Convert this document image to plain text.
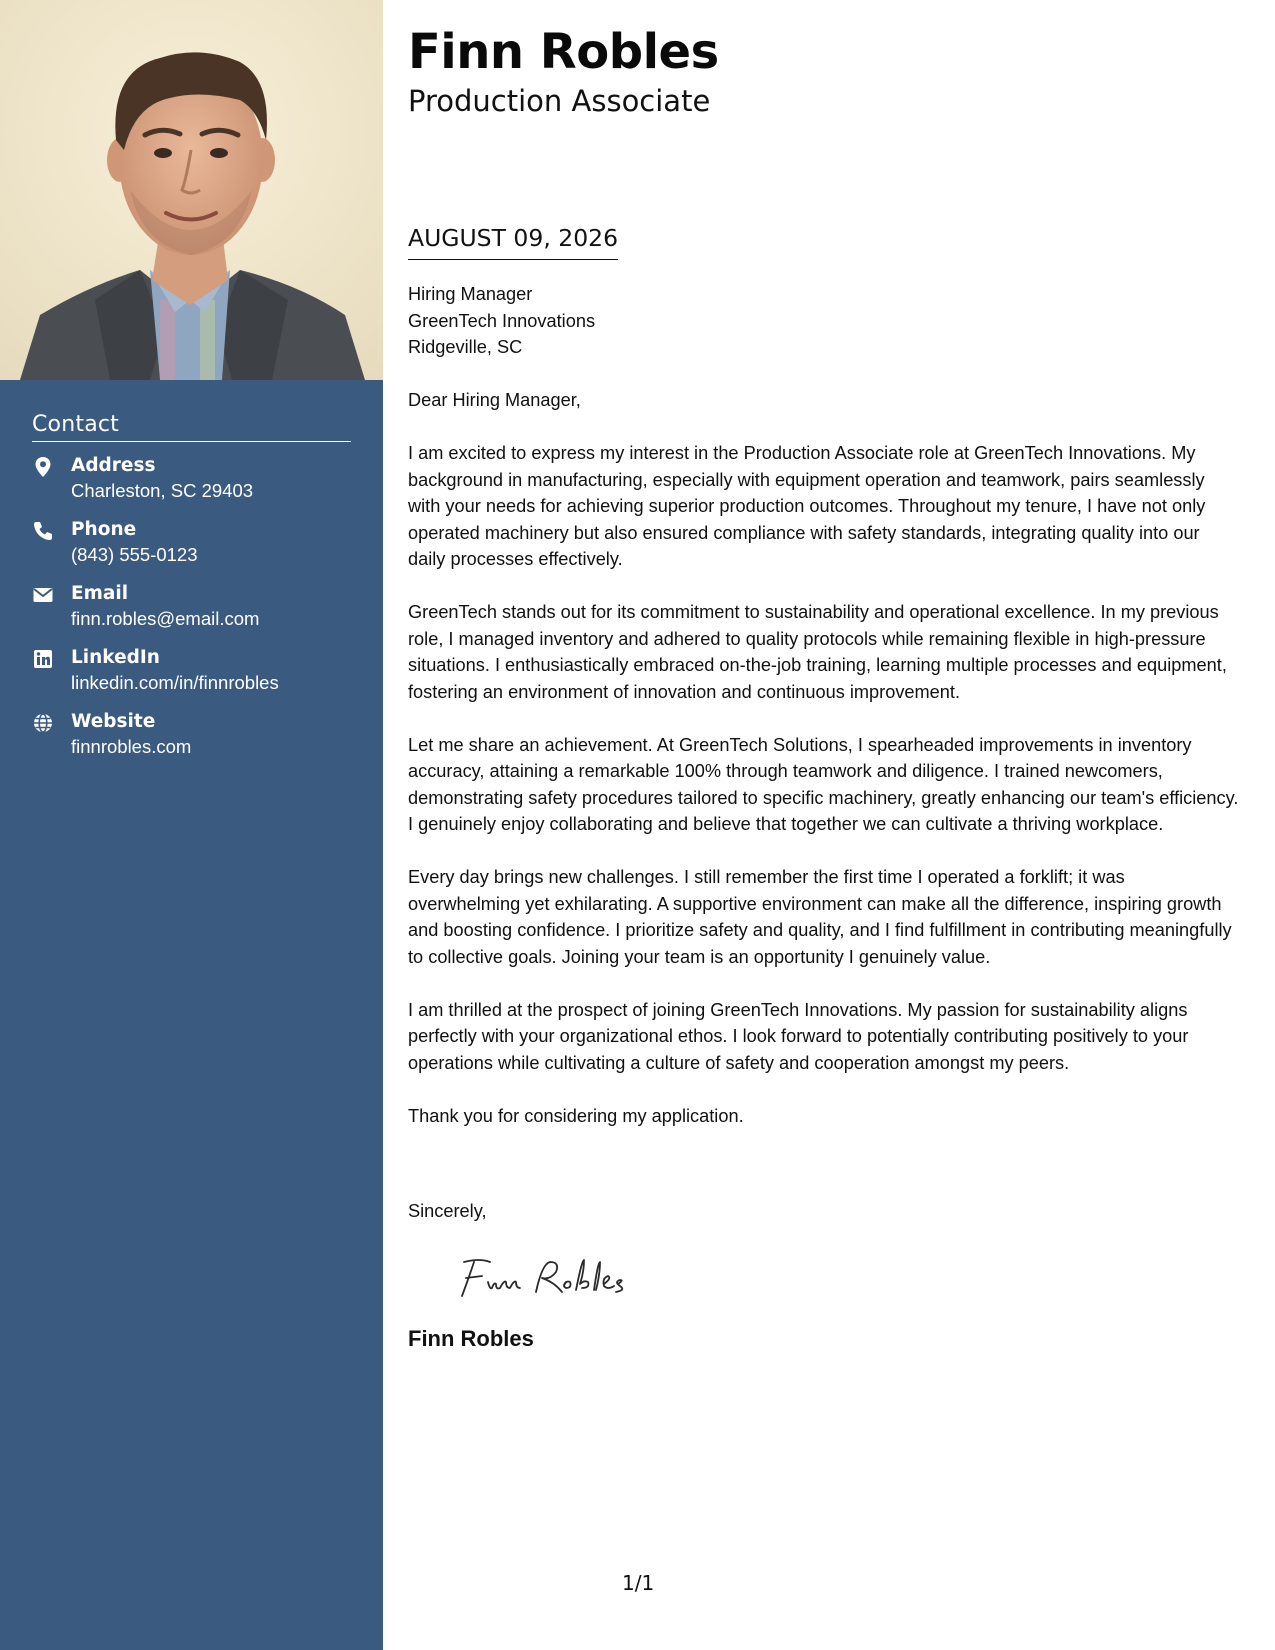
Contact
Address
Charleston, SC 29403
Phone
(843) 555-0123
Email
finn.robles@email.com
LinkedIn
linkedin.com/in/finnrobles
Website
finnrobles.com
Finn Robles
Production Associate
AUGUST 09, 2026

Hiring Manager
GreenTech Innovations
Ridgeville, SC

Dear Hiring Manager,

I am excited to express my interest in the Production Associate role at GreenTech Innovations. My background in manufacturing, especially with equipment operation and teamwork, pairs seamlessly with your needs for achieving superior production outcomes. Throughout my tenure, I have not only operated machinery but also ensured compliance with safety standards, integrating quality into our daily processes effectively.

GreenTech stands out for its commitment to sustainability and operational excellence. In my previous role, I managed inventory and adhered to quality protocols while remaining flexible in high-pressure situations. I enthusiastically embraced on-the-job training, learning multiple processes and equipment, fostering an environment of innovation and continuous improvement.

Let me share an achievement. At GreenTech Solutions, I spearheaded improvements in inventory accuracy, attaining a remarkable 100% through teamwork and diligence. I trained newcomers, demonstrating safety procedures tailored to specific machinery, greatly enhancing our team's efficiency. I genuinely enjoy collaborating and believe that together we can cultivate a thriving workplace.

Every day brings new challenges. I still remember the first time I operated a forklift; it was overwhelming yet exhilarating. A supportive environment can make all the difference, inspiring growth and boosting confidence. I prioritize safety and quality, and I find fulfillment in contributing meaningfully to collective goals. Joining your team is an opportunity I genuinely value.

I am thrilled at the prospect of joining GreenTech Innovations. My passion for sustainability aligns perfectly with your organizational ethos. I look forward to potentially contributing positively to your operations while cultivating a culture of safety and cooperation amongst my peers.

Thank you for considering my application.

Sincerely,
Finn Robles
1/1
